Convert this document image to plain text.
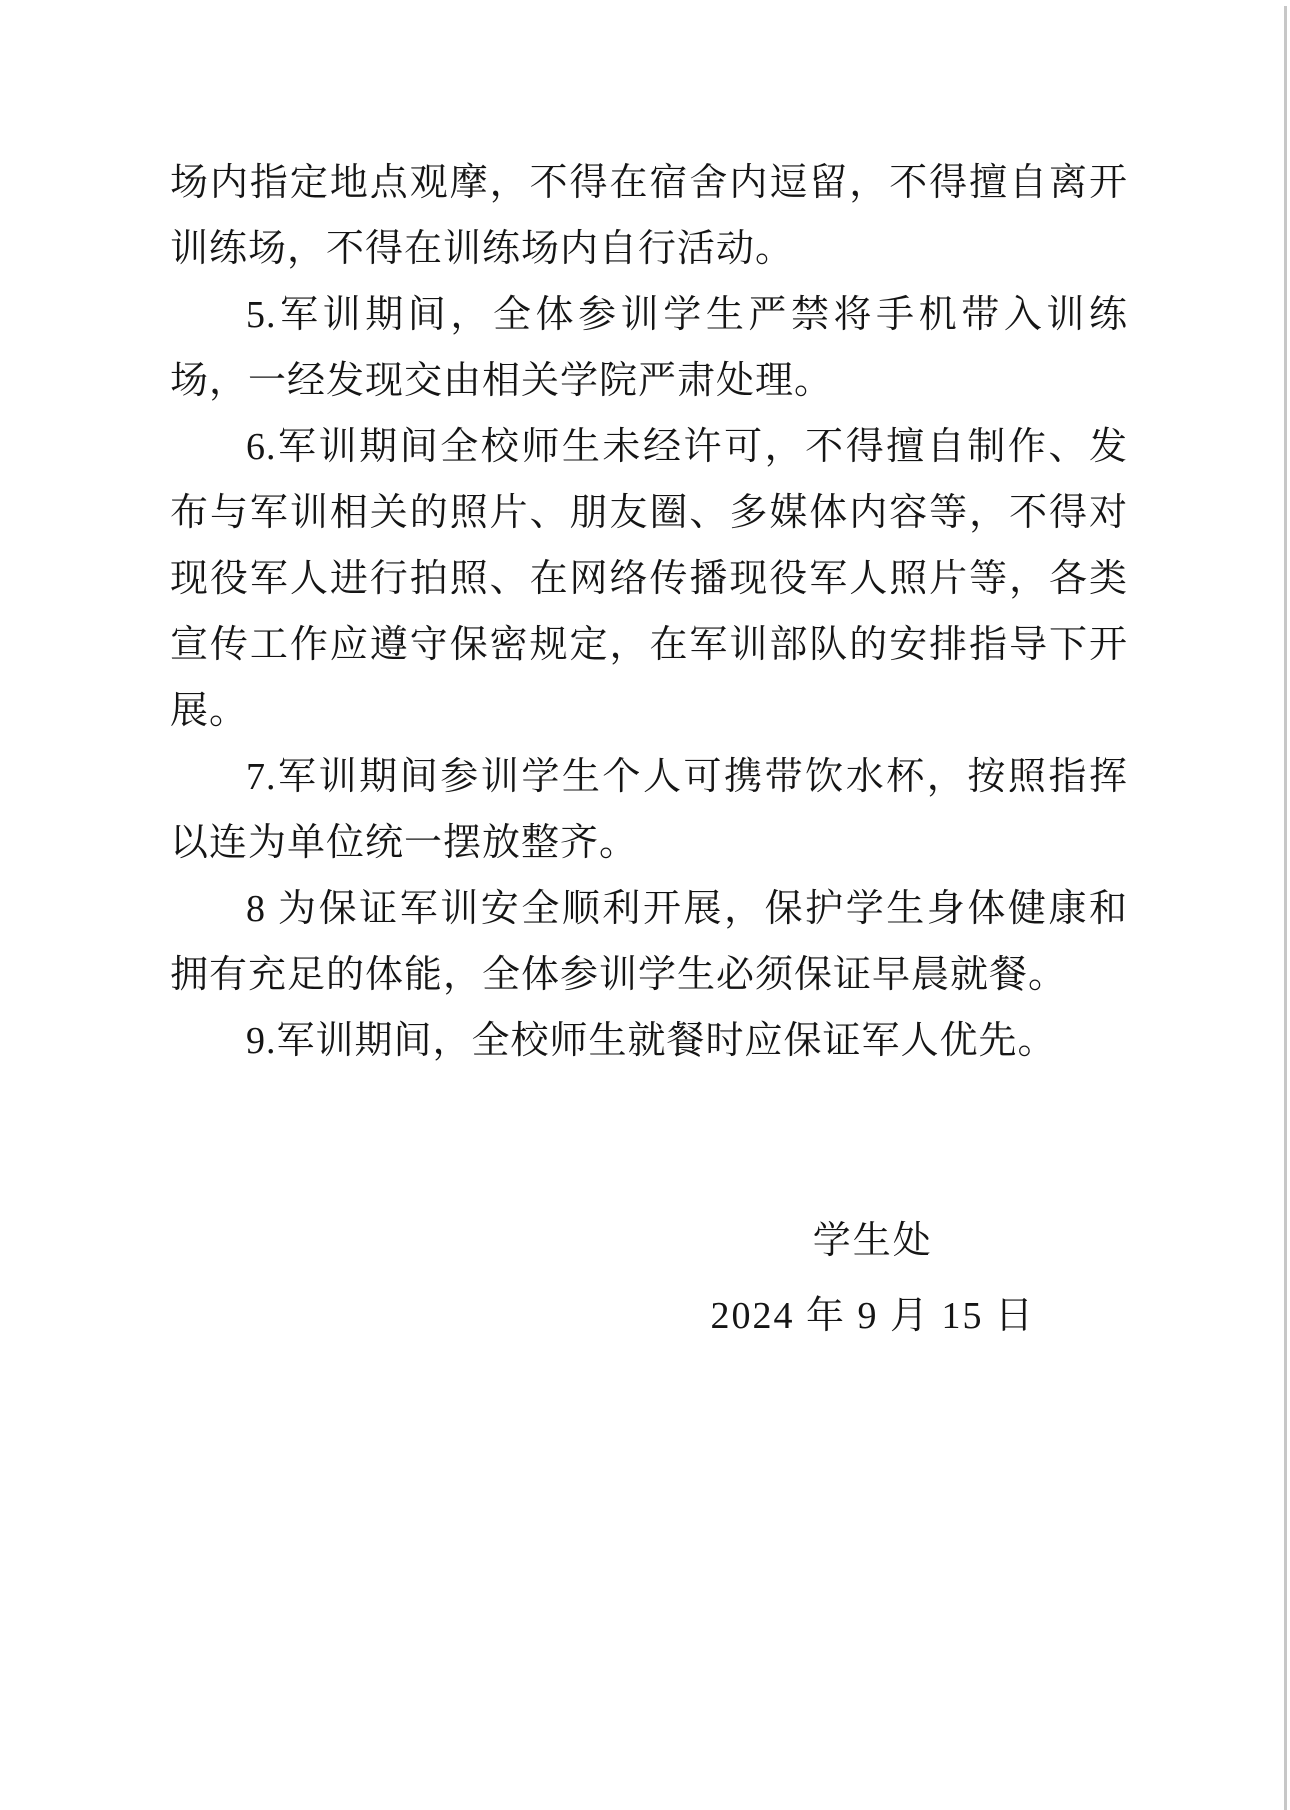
场内指定地点观摩，不得在宿舍内逗留，不得擅自离开训练场，不得在训练场内自行活动。

5.军训期间，全体参训学生严禁将手机带入训练场，一经发现交由相关学院严肃处理。

6.军训期间全校师生未经许可，不得擅自制作、发布与军训相关的照片、朋友圈、多媒体内容等，不得对现役军人进行拍照、在网络传播现役军人照片等，各类宣传工作应遵守保密规定，在军训部队的安排指导下开展。

7.军训期间参训学生个人可携带饮水杯，按照指挥以连为单位统一摆放整齐。

8 为保证军训安全顺利开展，保护学生身体健康和拥有充足的体能，全体参训学生必须保证早晨就餐。

9.军训期间，全校师生就餐时应保证军人优先。

学生处
2024 年 9 月 15 日
